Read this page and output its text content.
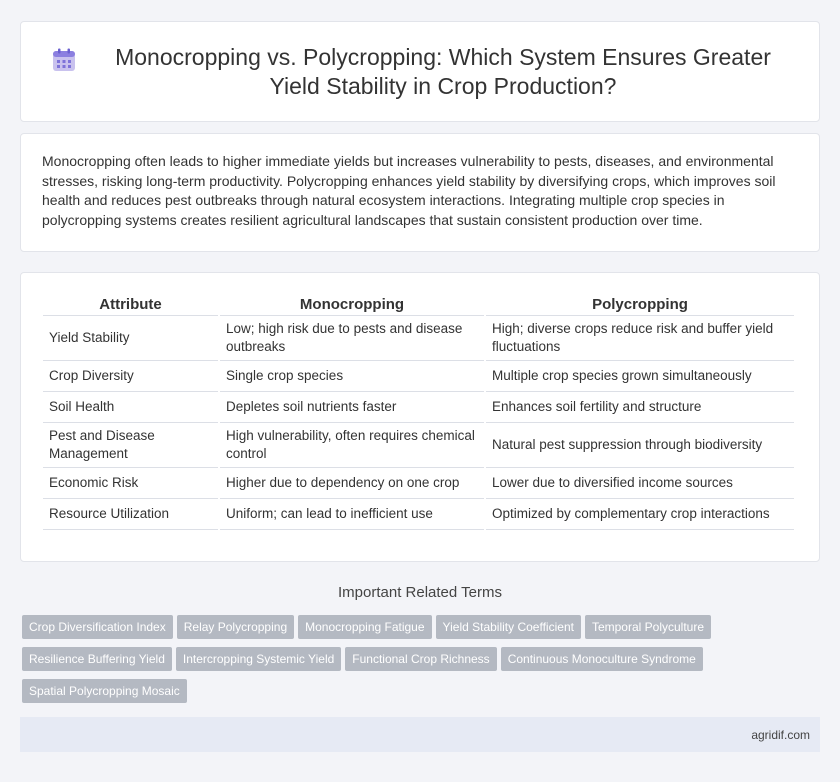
Monocropping vs. Polycropping: Which System Ensures Greater Yield Stability in Crop Production?

Monocropping often leads to higher immediate yields but increases vulnerability to pests, diseases, and environmental stresses, risking long-term productivity. Polycropping enhances yield stability by diversifying crops, which improves soil health and reduces pest outbreaks through natural ecosystem interactions. Integrating multiple crop species in polycropping systems creates resilient agricultural landscapes that sustain consistent production over time.

Attribute	Monocropping	Polycropping
Yield Stability	Low; high risk due to pests and disease outbreaks	High; diverse crops reduce risk and buffer yield fluctuations
Crop Diversity	Single crop species	Multiple crop species grown simultaneously
Soil Health	Depletes soil nutrients faster	Enhances soil fertility and structure
Pest and Disease Management	High vulnerability, often requires chemical control	Natural pest suppression through biodiversity
Economic Risk	Higher due to dependency on one crop	Lower due to diversified income sources
Resource Utilization	Uniform; can lead to inefficient use	Optimized by complementary crop interactions
Important Related Terms
Crop Diversification Index Relay Polycropping Monocropping Fatigue Yield Stability Coefficient Temporal Polyculture
Resilience Buffering Yield Intercropping Systemic Yield Functional Crop Richness Continuous Monoculture Syndrome
Spatial Polycropping Mosaic
agridif.com
